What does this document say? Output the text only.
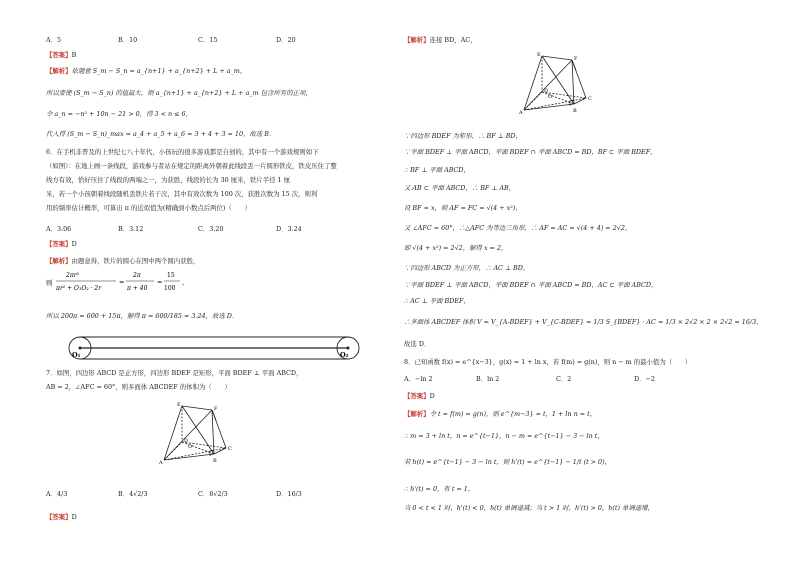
A．5	B．10	C．15	D．20
【答案】B
【解析】依题意 S_m − S_n = a_{n+1} + a_{n+2} + L + a_m，
所以要使 (S_m − S_n) 的值最大，则 a_{n+1} + a_{n+2} + L + a_m 包含所有的正项，
令 a_n = −n² + 10n − 21 > 0，得 3 < n ≤ 6，
代入得 (S_m − S_n)_max = a_4 + a_5 + a_6 = 3 + 4 + 3 = 10，故选 B．
6．在手机非普及的上世纪七八十年代，小孩玩的很多游戏都是自创的，其中有一个游戏规则如下
（如图）：在地上画一条线段，游戏参与者站在规定的距离外朝着此线段丢一片圆形铁皮，铁皮压住了整
线方有效，恰好压住了线段的两端之一，为获胜，线段的长为 30 厘米，铁片半径 1 厘
米，若一个小孩朝着线段随机丢铁片若干次，其中有效次数为 100 次，获胜次数为 15 次，则利
用的频率估计概率，可算出 π 的近似值为(精确到小数点后两位)（　　）
A．3.06	B．3.12	C．3.20	D．3.24
【答案】D
【解析】由题意得，铁片的圆心在图中两个圆内获胜，
则
2πr²
πr² + O₁O₂ · 2r
=
2π
π + 40
=
15
100
，
所以 200π = 600 + 15π，解得 π = 600/185 ≈ 3.24，故选 D．
O₁	O₂
7．如图，四边形 ABCD 是正方形，四边形 BDEF 是矩形，平面 BDEF ⊥ 平面 ABCD，
AB = 2，∠AFC = 60°，则多面体 ABCDEF 的体积为（　　）
E
F
A	B
C
D
O
A．4/3	B．4√2/3	C．8√2/3	D．16/3
【答案】D
【解析】连接 BD，AC，
E
F
A	B
C
D
O
∵四边形 BDEF 为矩形，∴ BF ⊥ BD，
∵平面 BDEF ⊥ 平面 ABCD，平面 BDEF ∩ 平面 ABCD = BD，BF ⊂ 平面 BDEF，
∴ BF ⊥ 平面 ABCD，
又 AB ⊂ 平面 ABCD，∴ BF ⊥ AB，
设 BF = x，则 AF = FC = √(4 + x²)，
又 ∠AFC = 60°，∴△AFC 为等边三角形，∴ AF = AC = √(4 + 4) = 2√2，
即 √(4 + x²) = 2√2，解得 x = 2，
∵四边形 ABCD 为正方形，∴ AC ⊥ BD，
∵平面 BDEF ⊥ 平面 ABCD，平面 BDEF ∩ 平面 ABCD = BD，AC ⊂ 平面 ABCD，
∴ AC ⊥ 平面 BDEF，
∴多面体 ABCDEF 体积 V = V_{A-BDEF} + V_{C-BDEF} = 1/3 S_{BDEF} · AC = 1/3 × 2√2 × 2 × 2√2 = 16/3，
故选 D．
8．已知函数 f(x) = e^{x−3}，g(x) = 1 + ln x，若 f(m) = g(n)，则 n − m 的最小值为（　　）
A．−ln 2	B．ln 2	C．2	D．−2
【答案】D
【解析】令 t = f(m) = g(n)，则 e^{m−3} = t，1 + ln n = t，
∴ m = 3 + ln t，n = e^{t−1}，n − m = e^{t−1} − 3 − ln t，
若 h(t) = e^{t−1} − 3 − ln t，则 h'(t) = e^{t−1} − 1/t (t > 0)，
∴ h'(t) = 0，有 t = 1，
当 0 < t < 1 时，h'(t) < 0，h(t) 单调递减；当 t > 1 时，h'(t) > 0，h(t) 单调递增，
